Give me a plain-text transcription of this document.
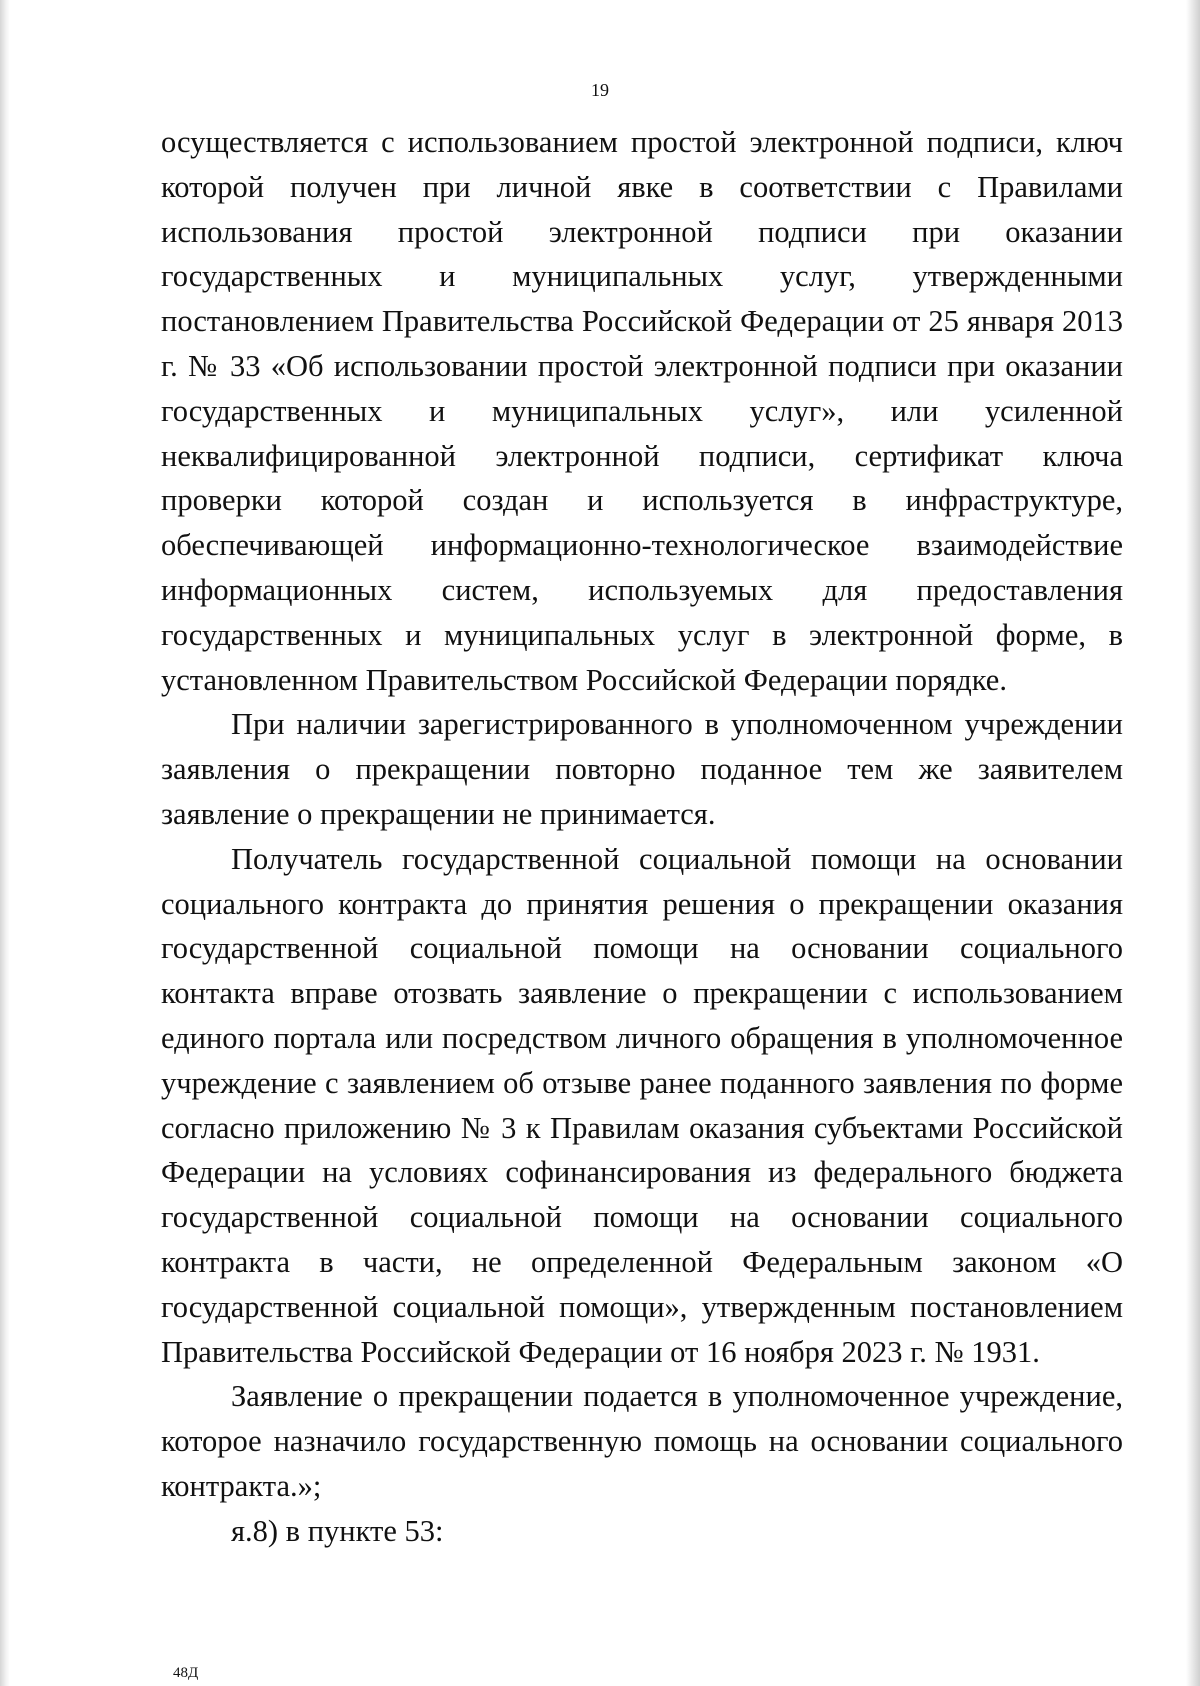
19

осуществляется с использованием простой электронной подписи, ключ которой получен при личной явке в соответствии с Правилами использования простой электронной подписи при оказании государственных и муниципальных услуг, утвержденными постановлением Правительства Российской Федерации от 25 января 2013 г. № 33 «Об использовании простой электронной подписи при оказании государственных и муниципальных услуг», или усиленной неквалифицированной электронной подписи, сертификат ключа проверки которой создан и используется в инфраструктуре, обеспечивающей информационно-технологическое взаимодействие информационных систем, используемых для предоставления государственных и муниципальных услуг в электронной форме, в установленном Правительством Российской Федерации порядке.

При наличии зарегистрированного в уполномоченном учреждении заявления о прекращении повторно поданное тем же заявителем заявление о прекращении не принимается.

Получатель государственной социальной помощи на основании социального контракта до принятия решения о прекращении оказания государственной социальной помощи на основании социального контакта вправе отозвать заявление о прекращении с использованием единого портала или посредством личного обращения в уполномоченное учреждение с заявлением об отзыве ранее поданного заявления по форме согласно приложению № 3 к Правилам оказания субъектами Российской Федерации на условиях софинансирования из федерального бюджета государственной социальной помощи на основании социального контракта в части, не определенной Федеральным законом «О государственной социальной помощи», утвержденным постановлением Правительства Российской Федерации от 16 ноября 2023 г. № 1931.

Заявление о прекращении подается в уполномоченное учреждение, которое назначило государственную помощь на основании социального контракта.»;

я.8) в пункте 53:

48Д
